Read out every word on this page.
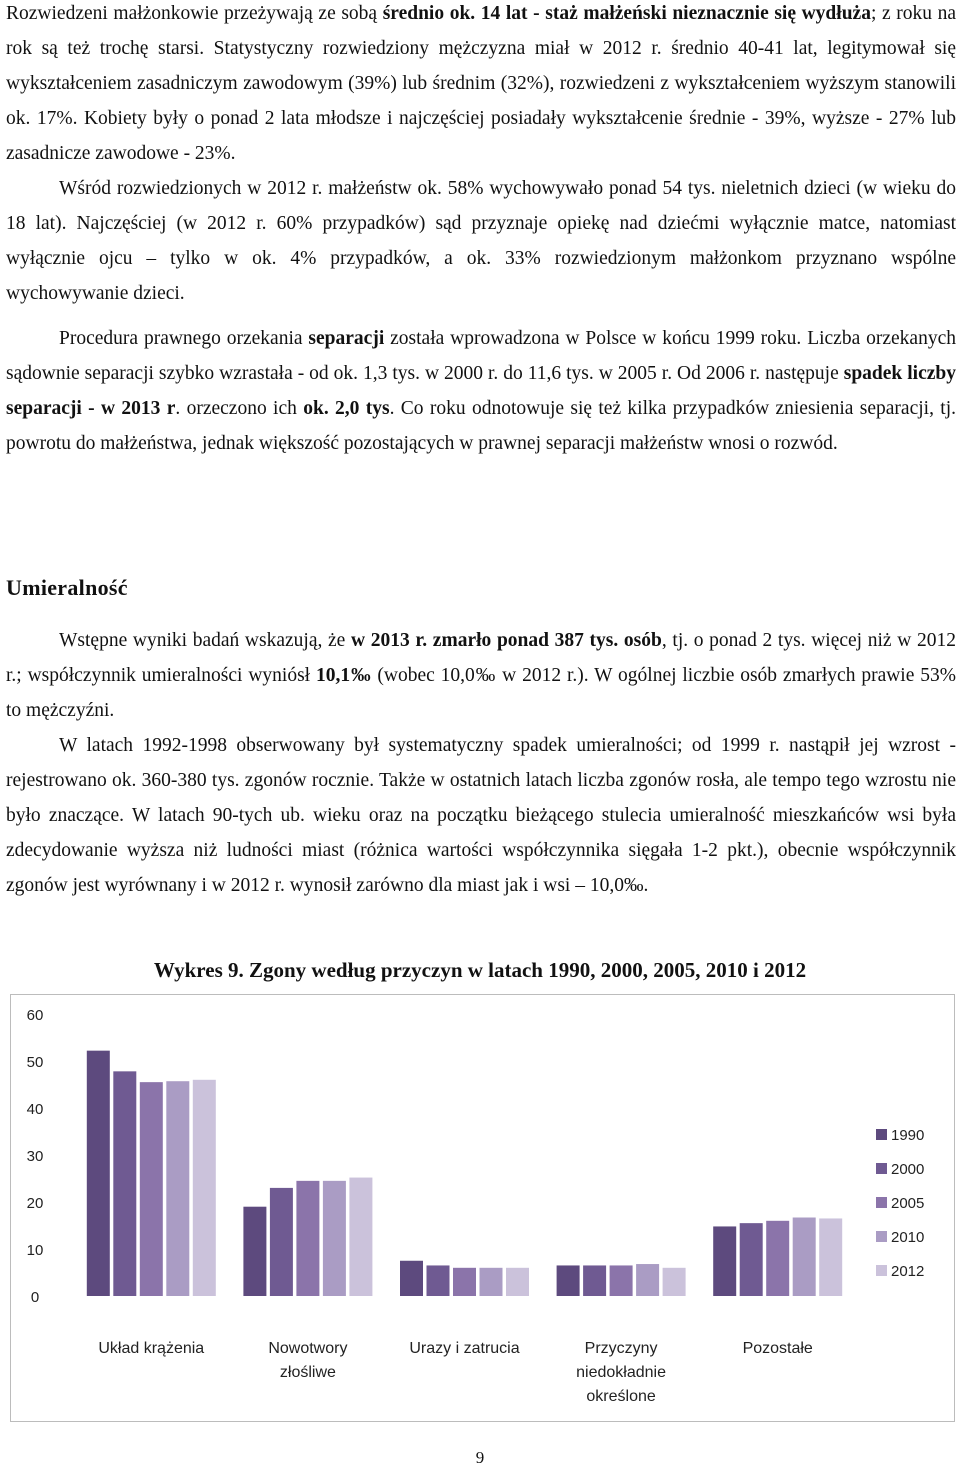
Rozwiedzeni małżonkowie przeżywają ze sobą średnio ok. 14 lat - staż małżeński nieznacznie się wydłuża; z roku na rok są też trochę starsi. Statystyczny rozwiedziony mężczyzna miał w 2012 r. średnio 40-41 lat, legitymował się wykształceniem zasadniczym zawodowym (39%) lub średnim (32%), rozwiedzeni z wykształceniem wyższym stanowili ok. 17%. Kobiety były o ponad 2 lata młodsze i najczęściej posiadały wykształcenie średnie - 39%, wyższe - 27% lub zasadnicze zawodowe - 23%.

Wśród rozwiedzionych w 2012 r. małżeństw ok. 58% wychowywało ponad 54 tys. nieletnich dzieci (w wieku do 18 lat). Najczęściej (w 2012 r. 60% przypadków) sąd przyznaje opiekę nad dziećmi wyłącznie matce, natomiast wyłącznie ojcu – tylko w ok. 4% przypadków, a ok. 33% rozwiedzionym małżonkom przyznano wspólne wychowywanie dzieci.

Procedura prawnego orzekania separacji została wprowadzona w Polsce w końcu 1999 roku. Liczba orzekanych sądownie separacji szybko wzrastała - od ok. 1,3 tys. w 2000 r. do 11,6 tys. w 2005 r. Od 2006 r. następuje spadek liczby separacji - w 2013 r. orzeczono ich ok. 2,0 tys. Co roku odnotowuje się też kilka przypadków zniesienia separacji, tj. powrotu do małżeństwa, jednak większość pozostających w prawnej separacji małżeństw wnosi o rozwód.

Umieralność

Wstępne wyniki badań wskazują, że w 2013 r. zmarło ponad 387 tys. osób, tj. o ponad 2 tys. więcej niż w 2012 r.; współczynnik umieralności wyniósł 10,1‰ (wobec 10,0‰ w 2012 r.). W ogólnej liczbie osób zmarłych prawie 53% to mężczyźni.

W latach 1992-1998 obserwowany był systematyczny spadek umieralności; od 1999 r. nastąpił jej wzrost - rejestrowano ok. 360-380 tys. zgonów rocznie. Także w ostatnich latach liczba zgonów rosła, ale tempo tego wzrostu nie było znaczące. W latach 90-tych ub. wieku oraz na początku bieżącego stulecia umieralność mieszkańców wsi była zdecydowanie wyższa niż ludności miast (różnica wartości współczynnika sięgała 1-2 pkt.), obecnie współczynnik zgonów jest wyrównany i w 2012 r. wynosił zarówno dla miast jak i wsi – 10,0‰.

Wykres 9. Zgony według przyczyn w latach 1990, 2000, 2005, 2010 i 2012
0
10
20
30
40
50
60
Układ krążenia	Nowotwory
złośliwe
Urazy i zatrucia	Przyczyny
niedokładnie
określone
Pozostałe
1990
2000
2005
2010
2012
9
